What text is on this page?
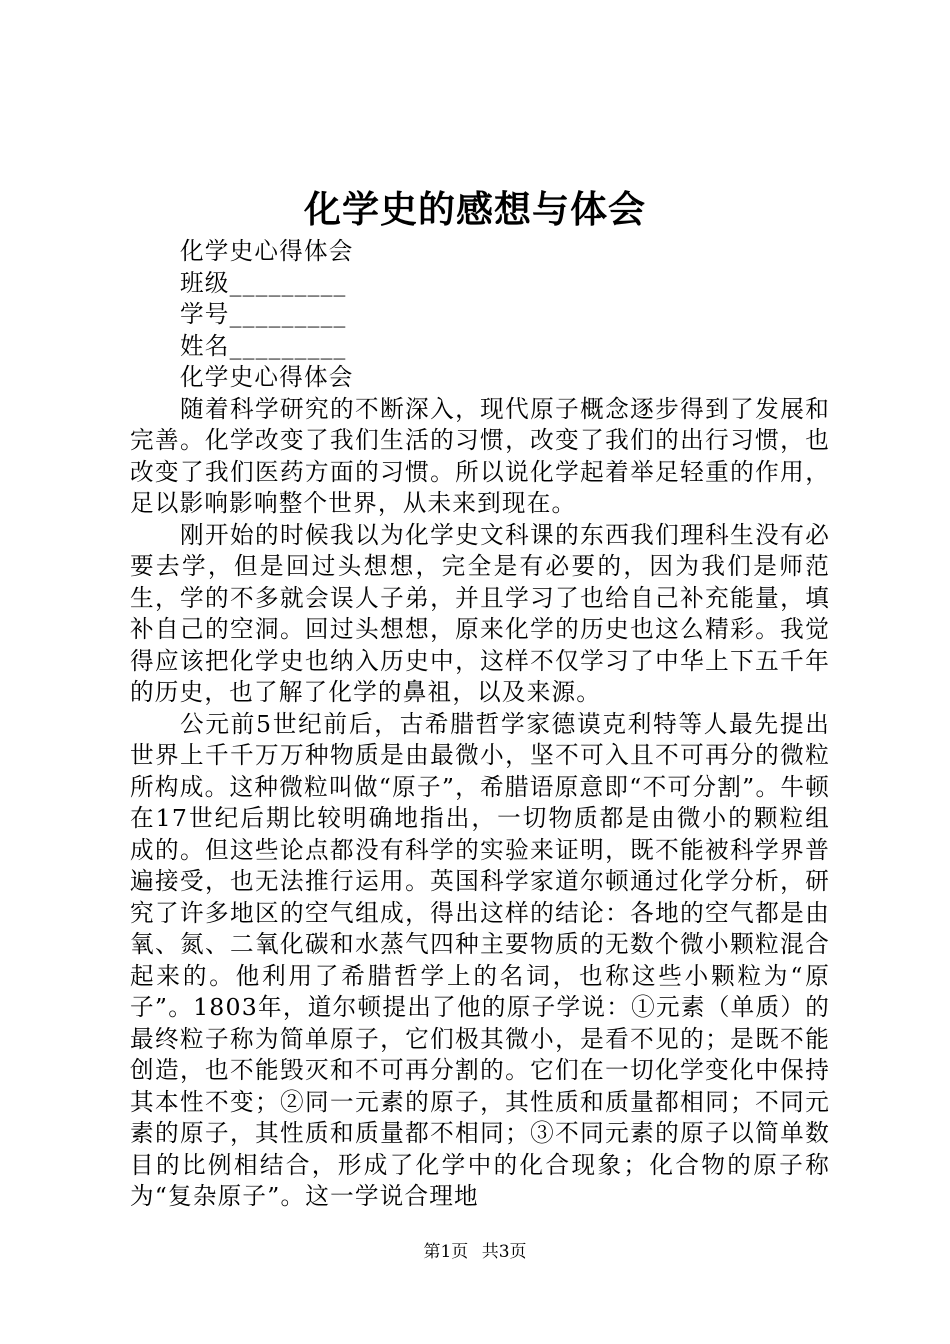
化学史的感想与体会

化学史心得体会

班级_________

学号_________

姓名_________

化学史心得体会

随着科学研究的不断深入，现代原子概念逐步得到了发展和完善。化学改变了我们生活的习惯，改变了我们的出行习惯，也改变了我们医药方面的习惯。所以说化学起着举足轻重的作用，足以影响影响整个世界，从未来到现在。

刚开始的时候我以为化学史文科课的东西我们理科生没有必要去学，但是回过头想想，完全是有必要的，因为我们是师范生，学的不多就会误人子弟，并且学习了也给自己补充能量，填补自己的空洞。回过头想想，原来化学的历史也这么精彩。我觉得应该把化学史也纳入历史中，这样不仅学习了中华上下五千年的历史，也了解了化学的鼻祖，以及来源。

公元前5世纪前后，古希腊哲学家德谟克利特等人最先提出世界上千千万万种物质是由最微小，坚不可入且不可再分的微粒所构成。这种微粒叫做“原子”，希腊语原意即“不可分割”。牛顿在17世纪后期比较明确地指出，一切物质都是由微小的颗粒组成的。但这些论点都没有科学的实验来证明，既不能被科学界普遍接受，也无法推行运用。英国科学家道尔顿通过化学分析，研究了许多地区的空气组成，得出这样的结论：各地的空气都是由氧、氮、二氧化碳和水蒸气四种主要物质的无数个微小颗粒混合起来的。他利用了希腊哲学上的名词，也称这些小颗粒为“原子”。1803年，道尔顿提出了他的原子学说：①元素（单质）的最终粒子称为简单原子，它们极其微小，是看不见的；是既不能创造，也不能毁灭和不可再分割的。它们在一切化学变化中保持其本性不变；②同一元素的原子，其性质和质量都相同；不同元素的原子，其性质和质量都不相同；③不同元素的原子以简单数目的比例相结合，形成了化学中的化合现象；化合物的原子称为“复杂原子”。这一学说合理地

第1页 共3页
